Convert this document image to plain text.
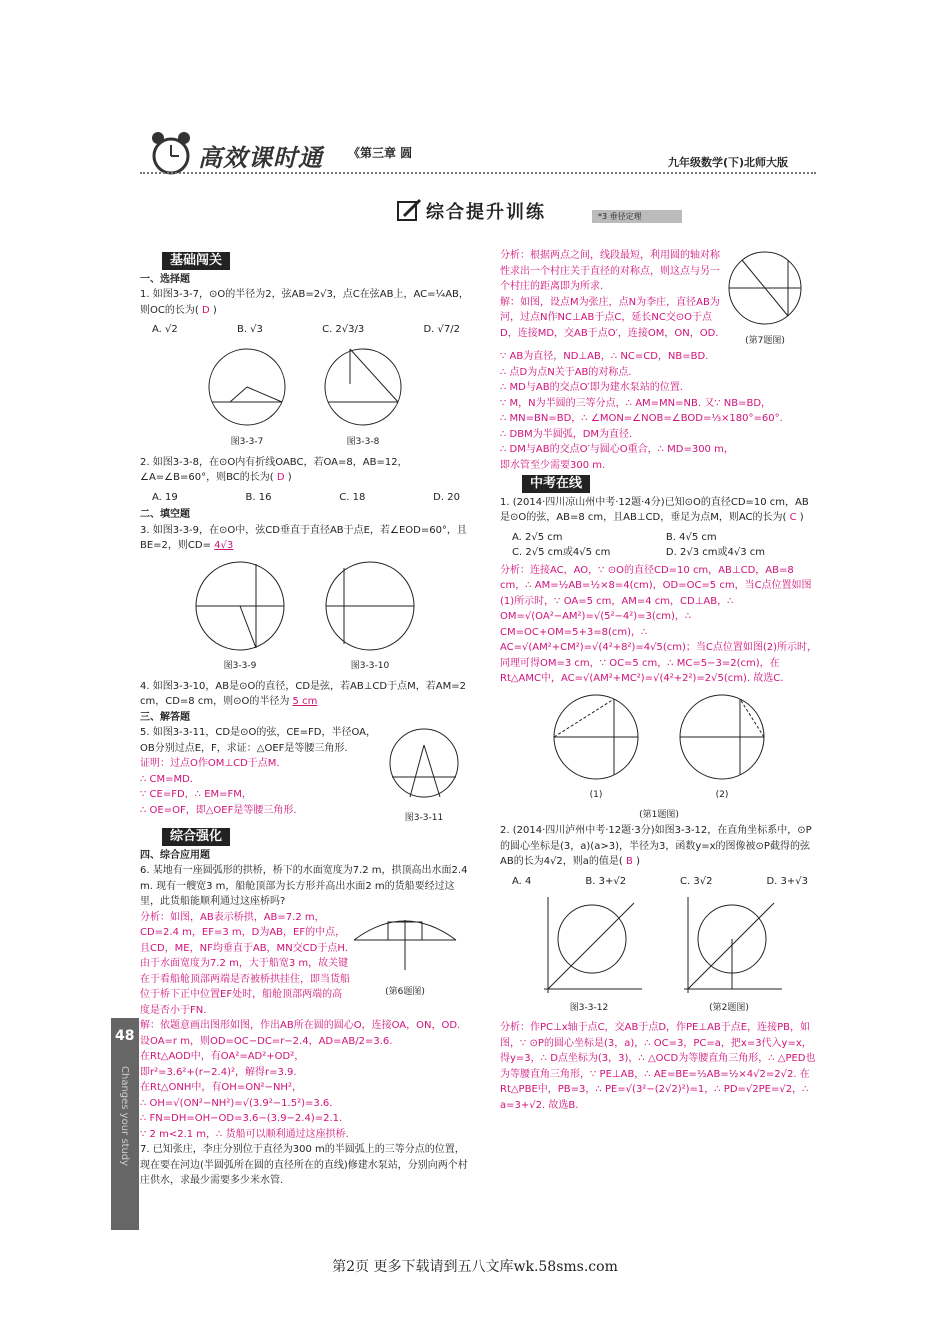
高效课时通 《第三章 圆
九年级数学(下)北师大版
综合提升训练	*3 垂径定理
基础闯关

一、选择题

1. 如图3-3-7，⊙O的半径为2，弦AB=2√3，点C在弦AB上，AC=¼AB，则OC的长为( D )

A. √2	B. √3	C. 2√3/3	D. √7/2
图3-3-7	图3-3-8

2. 如图3-3-8，在⊙O内有折线OABC，若OA=8，AB=12，∠A=∠B=60°，则BC的长为( D )

A. 19	B. 16	C. 18	D. 20

二、填空题

3. 如图3-3-9，在⊙O中，弦CD垂直于直径AB于点E，若∠EOD=60°，且BE=2，则CD= 4√3

图3-3-9	图3-3-10

4. 如图3-3-10，AB是⊙O的直径，CD是弦，若AB⊥CD于点M，若AM=2 cm，CD=8 cm，则⊙O的半径为 5 cm

三、解答题

5. 如图3-3-11，CD是⊙O的弦，CE=FD，半径OA，OB分别过点E，F，求证：△OEF是等腰三角形.

证明：过点O作OM⊥CD于点M.

∴ CM=MD.

∵ CE=FD，∴ EM=FM，

∴ OE=OF，即△OEF是等腰三角形.

图3-3-11
综合强化

四、综合应用题

6. 某地有一座圆弧形的拱桥，桥下的水面宽度为7.2 m，拱顶高出水面2.4 m. 现有一艘宽3 m，船舱顶部为长方形并高出水面2 m的货船要经过这里，此货船能顺利通过这座桥吗?

分析：如图，AB表示桥拱，AB=7.2 m，CD=2.4 m，EF=3 m，D为AB，EF的中点，且CD，ME，NF均垂直于AB，MN交CD于点H. 由于水面宽度为7.2 m，大于船宽3 m，故关键在于看船舱顶部两端是否被桥拱挂住，即当货船位于桥下正中位置EF处时，船舱顶部两端的高度是否小于FN.

(第6题图)

解：依题意画出图形如图，作出AB所在圆的圆心O，连接OA，ON，OD.

设OA=r m，则OD=OC−DC=r−2.4，AD=AB/2=3.6.

在Rt△AOD中，有OA²=AD²+OD²，

即r²=3.6²+(r−2.4)²，解得r=3.9.

在Rt△ONH中，有OH=ON²−NH²，

∴ OH=√(ON²−NH²)=√(3.9²−1.5²)=3.6.

∴ FN=DH=OH−OD=3.6−(3.9−2.4)=2.1.

∵ 2 m<2.1 m，∴ 货船可以顺利通过这座拱桥.

7. 已知张庄，李庄分别位于直径为300 m的半圆弧上的三等分点的位置，现在要在河边(半圆弧所在圆的直径所在的直线)修建水泵站，分别向两个村庄供水，求最少需要多少米水管.

分析：根据两点之间，线段最短，利用圆的轴对称性求出一个村庄关于直径的对称点，则这点与另一个村庄的距离即为所求.

解：如图，设点M为张庄，点N为李庄，直径AB为河，过点N作NC⊥AB于点C，延长NC交⊙O于点D，连接MD，交AB于点O′，连接OM，ON，OD.

(第7题图)

∵ AB为直径，ND⊥AB，∴ NC=CD，NB=BD.

∴ 点D为点N关于AB的对称点.

∴ MD与AB的交点O′即为建水泵站的位置.

∵ M，N为半圆的三等分点，∴ AM=MN=NB. 又∵ NB=BD，

∴ MN=BN=BD，∴ ∠MON=∠NOB=∠BOD=⅓×180°=60°.

∴ DBM为半圆弧，DM为直径.

∴ DM与AB的交点O′与圆心O重合，∴ MD=300 m，

即水管至少需要300 m.

中考在线

1. (2014·四川凉山州中考·12题·4分)已知⊙O的直径CD=10 cm，AB是⊙O的弦，AB=8 cm，且AB⊥CD，垂足为点M，则AC的长为( C )

A. 2√5 cm	B. 4√5 cm
C. 2√5 cm或4√5 cm	D. 2√3 cm或4√3 cm

分析：连接AC，AO，∵ ⊙O的直径CD=10 cm，AB⊥CD，AB=8 cm，∴ AM=½AB=½×8=4(cm)，OD=OC=5 cm，当C点位置如图(1)所示时，∵ OA=5 cm，AM=4 cm，CD⊥AB，∴ OM=√(OA²−AM²)=√(5²−4²)=3(cm)，∴ CM=OC+OM=5+3=8(cm)，∴ AC=√(AM²+CM²)=√(4²+8²)=4√5(cm)；当C点位置如图(2)所示时，同理可得OM=3 cm，∵ OC=5 cm，∴ MC=5−3=2(cm)，在Rt△AMC中，AC=√(AM²+MC²)=√(4²+2²)=2√5(cm). 故选C.

(1)	(2)
(第1题图)

2. (2014·四川泸州中考·12题·3分)如图3-3-12，在直角坐标系中，⊙P的圆心坐标是(3，a)(a>3)，半径为3，函数y=x的图像被⊙P截得的弦AB的长为4√2，则a的值是( B )

A. 4	B. 3+√2	C. 3√2	D. 3+√3
图3-3-12	(第2题图)

分析：作PC⊥x轴于点C，交AB于点D，作PE⊥AB于点E，连接PB，如图，∵ ⊙P的圆心坐标是(3，a)，∴ OC=3，PC=a，把x=3代入y=x，得y=3，∴ D点坐标为(3，3)，∴ △OCD为等腰直角三角形，∴ △PED也为等腰直角三角形，∵ PE⊥AB，∴ AE=BE=½AB=½×4√2=2√2. 在Rt△PBE中，PB=3，∴ PE=√(3²−(2√2)²)=1，∴ PD=√2PE=√2，∴ a=3+√2. 故选B.

48
Changes your study
第2页 更多下载请到五八文库wk.58sms.com
